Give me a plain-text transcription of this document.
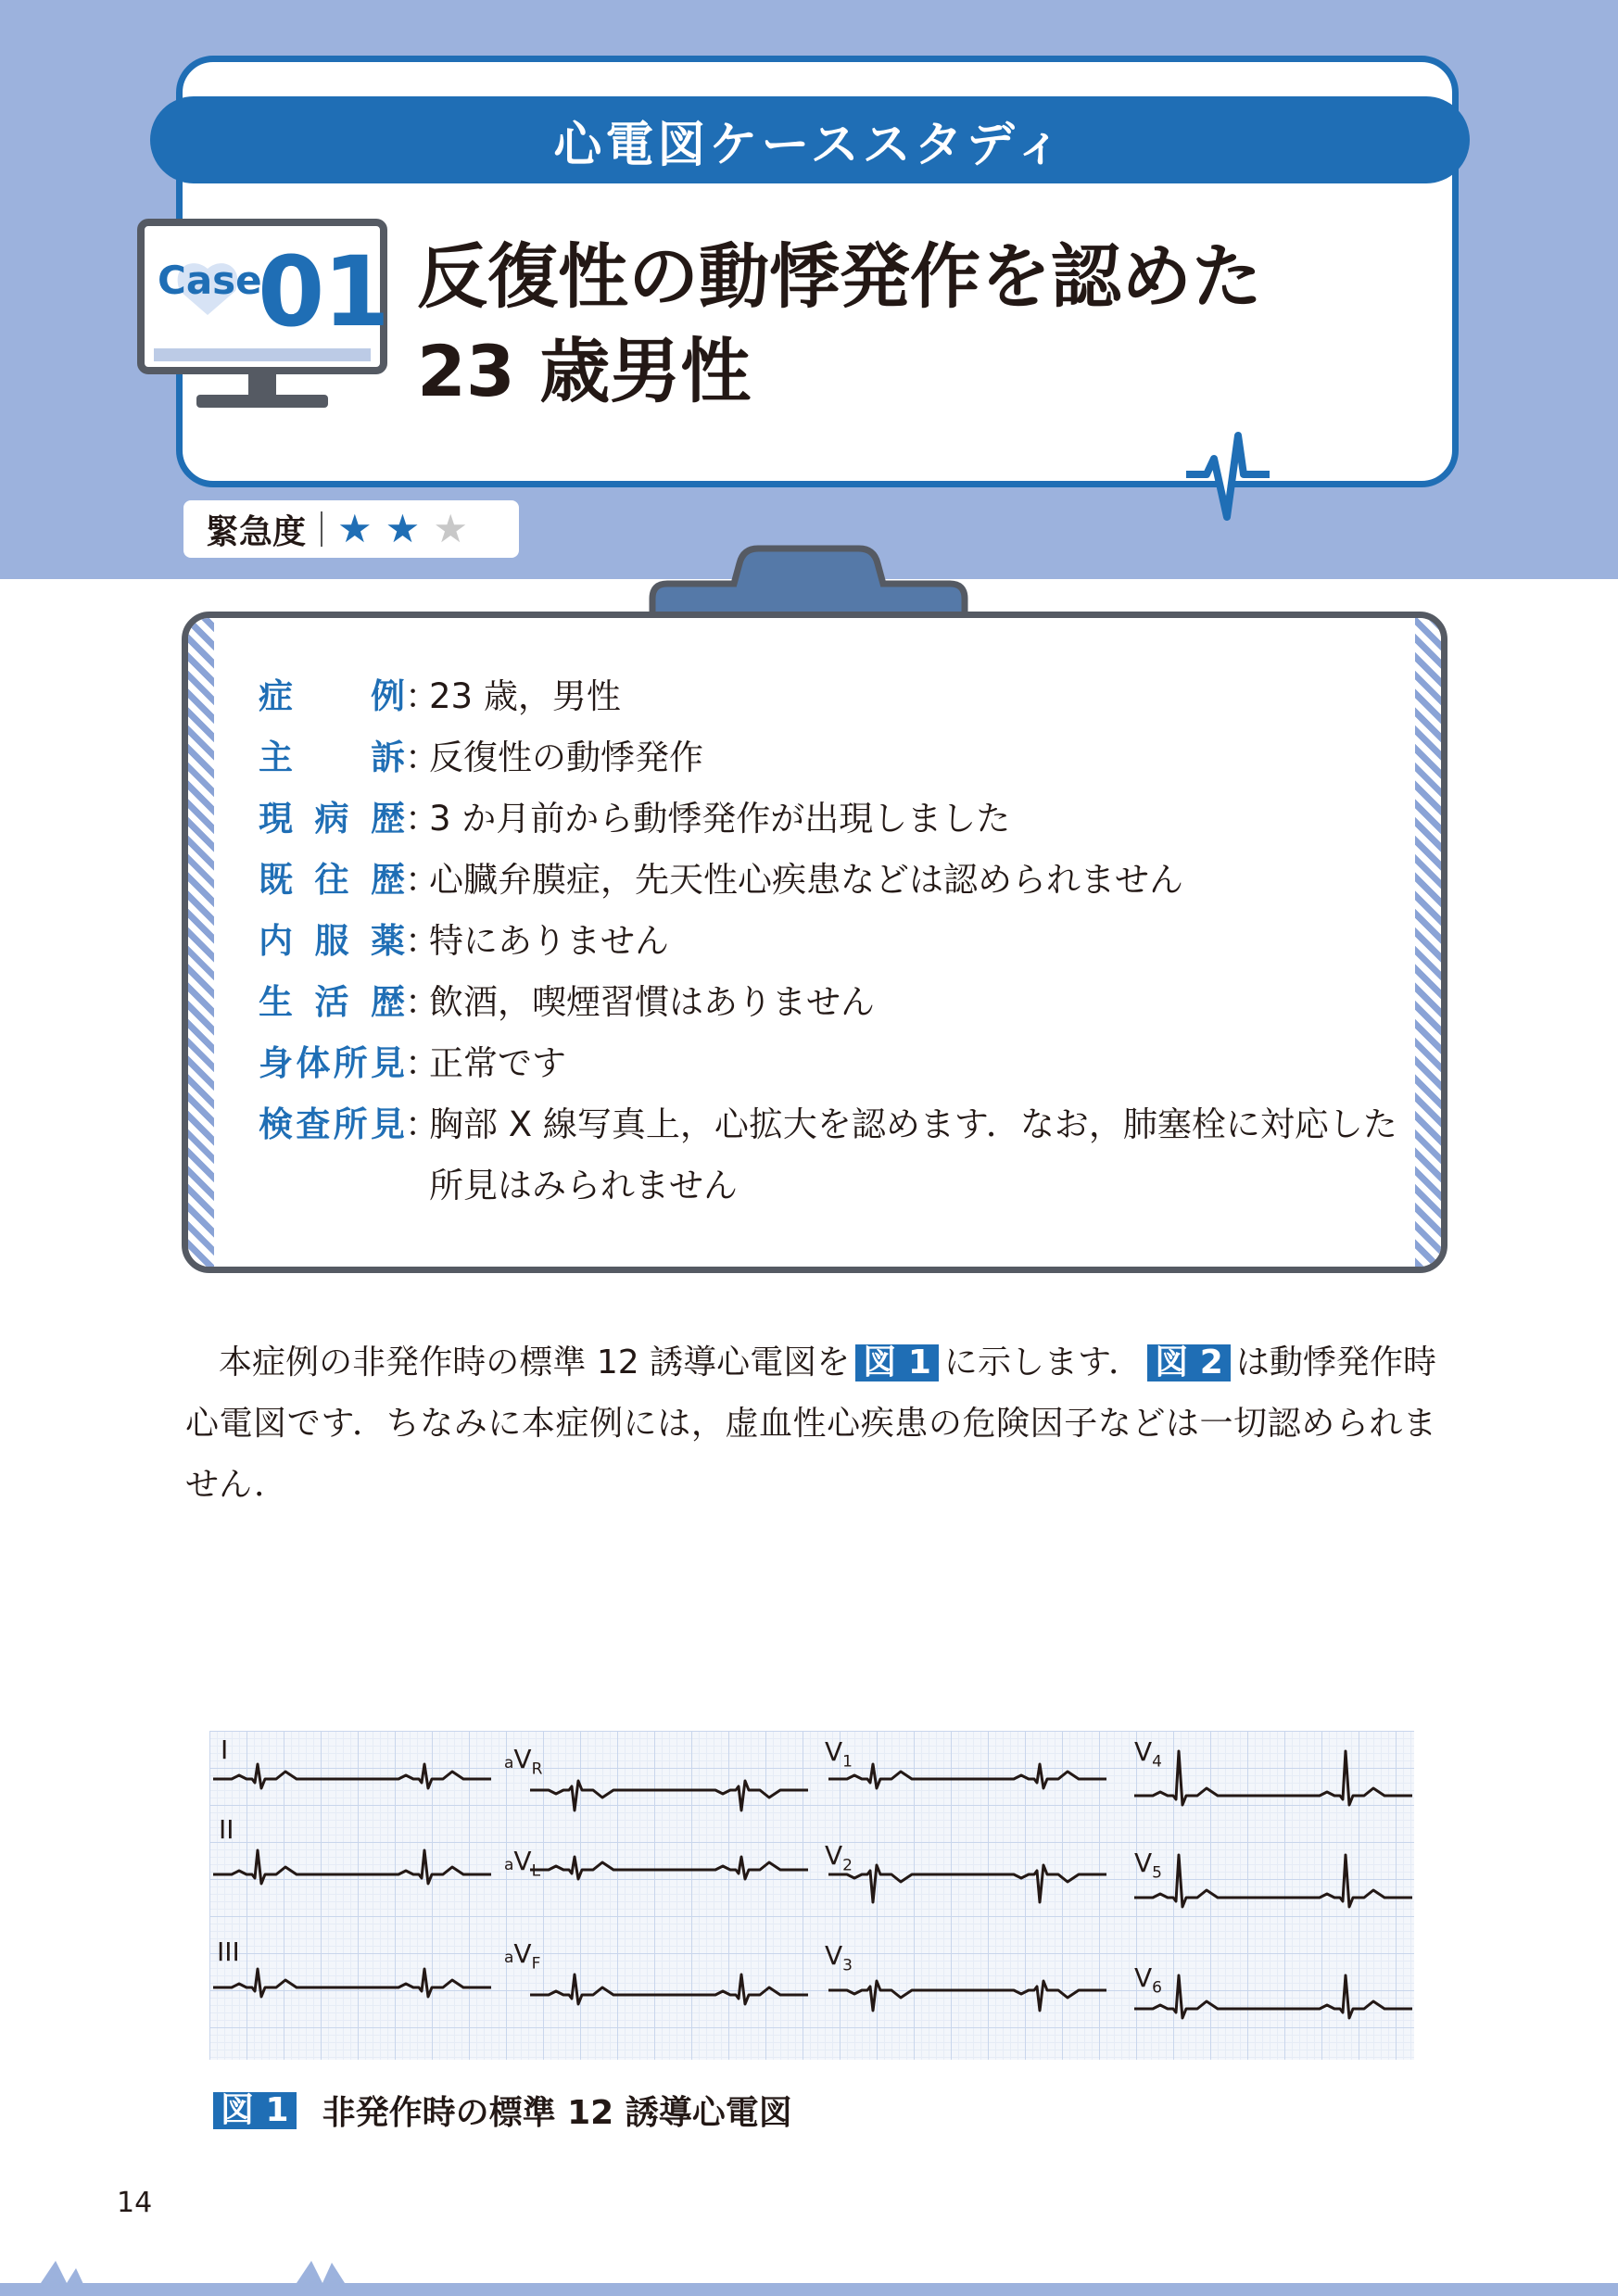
心電図ケーススタディ
Case
01 反復性の動悸発作を認めた
23 歳男性
緊急度 ★ ★ ★
症例 ：
23 歳，男性
主訴 ：
反復性の動悸発作
現病歴 ：
3 か月前から動悸発作が出現しました
既往歴 ：
心臓弁膜症，先天性心疾患などは認められません
内服薬 ：
特にありません
生活歴 ：
飲酒，喫煙習慣はありません
身体所見 ：
正常です
検査所見 ：
胸部 X 線写真上，心拡大を認めます．なお，肺塞栓に対応した所見はみられません
本症例の非発作時の標準 12 誘導心電図を 図 1 に示します． 図 2 は動悸発作時心電図です．ちなみに本症例には，虚血性心疾患の危険因子などは一切認められません．
I
II
III
$aV_R$
$aV_L$
$aV_F$
$V_1$
$V_2$
$V_3$
$V_4$
$V_5$
$V_6$
図 1 非発作時の標準 12 誘導心電図
14
